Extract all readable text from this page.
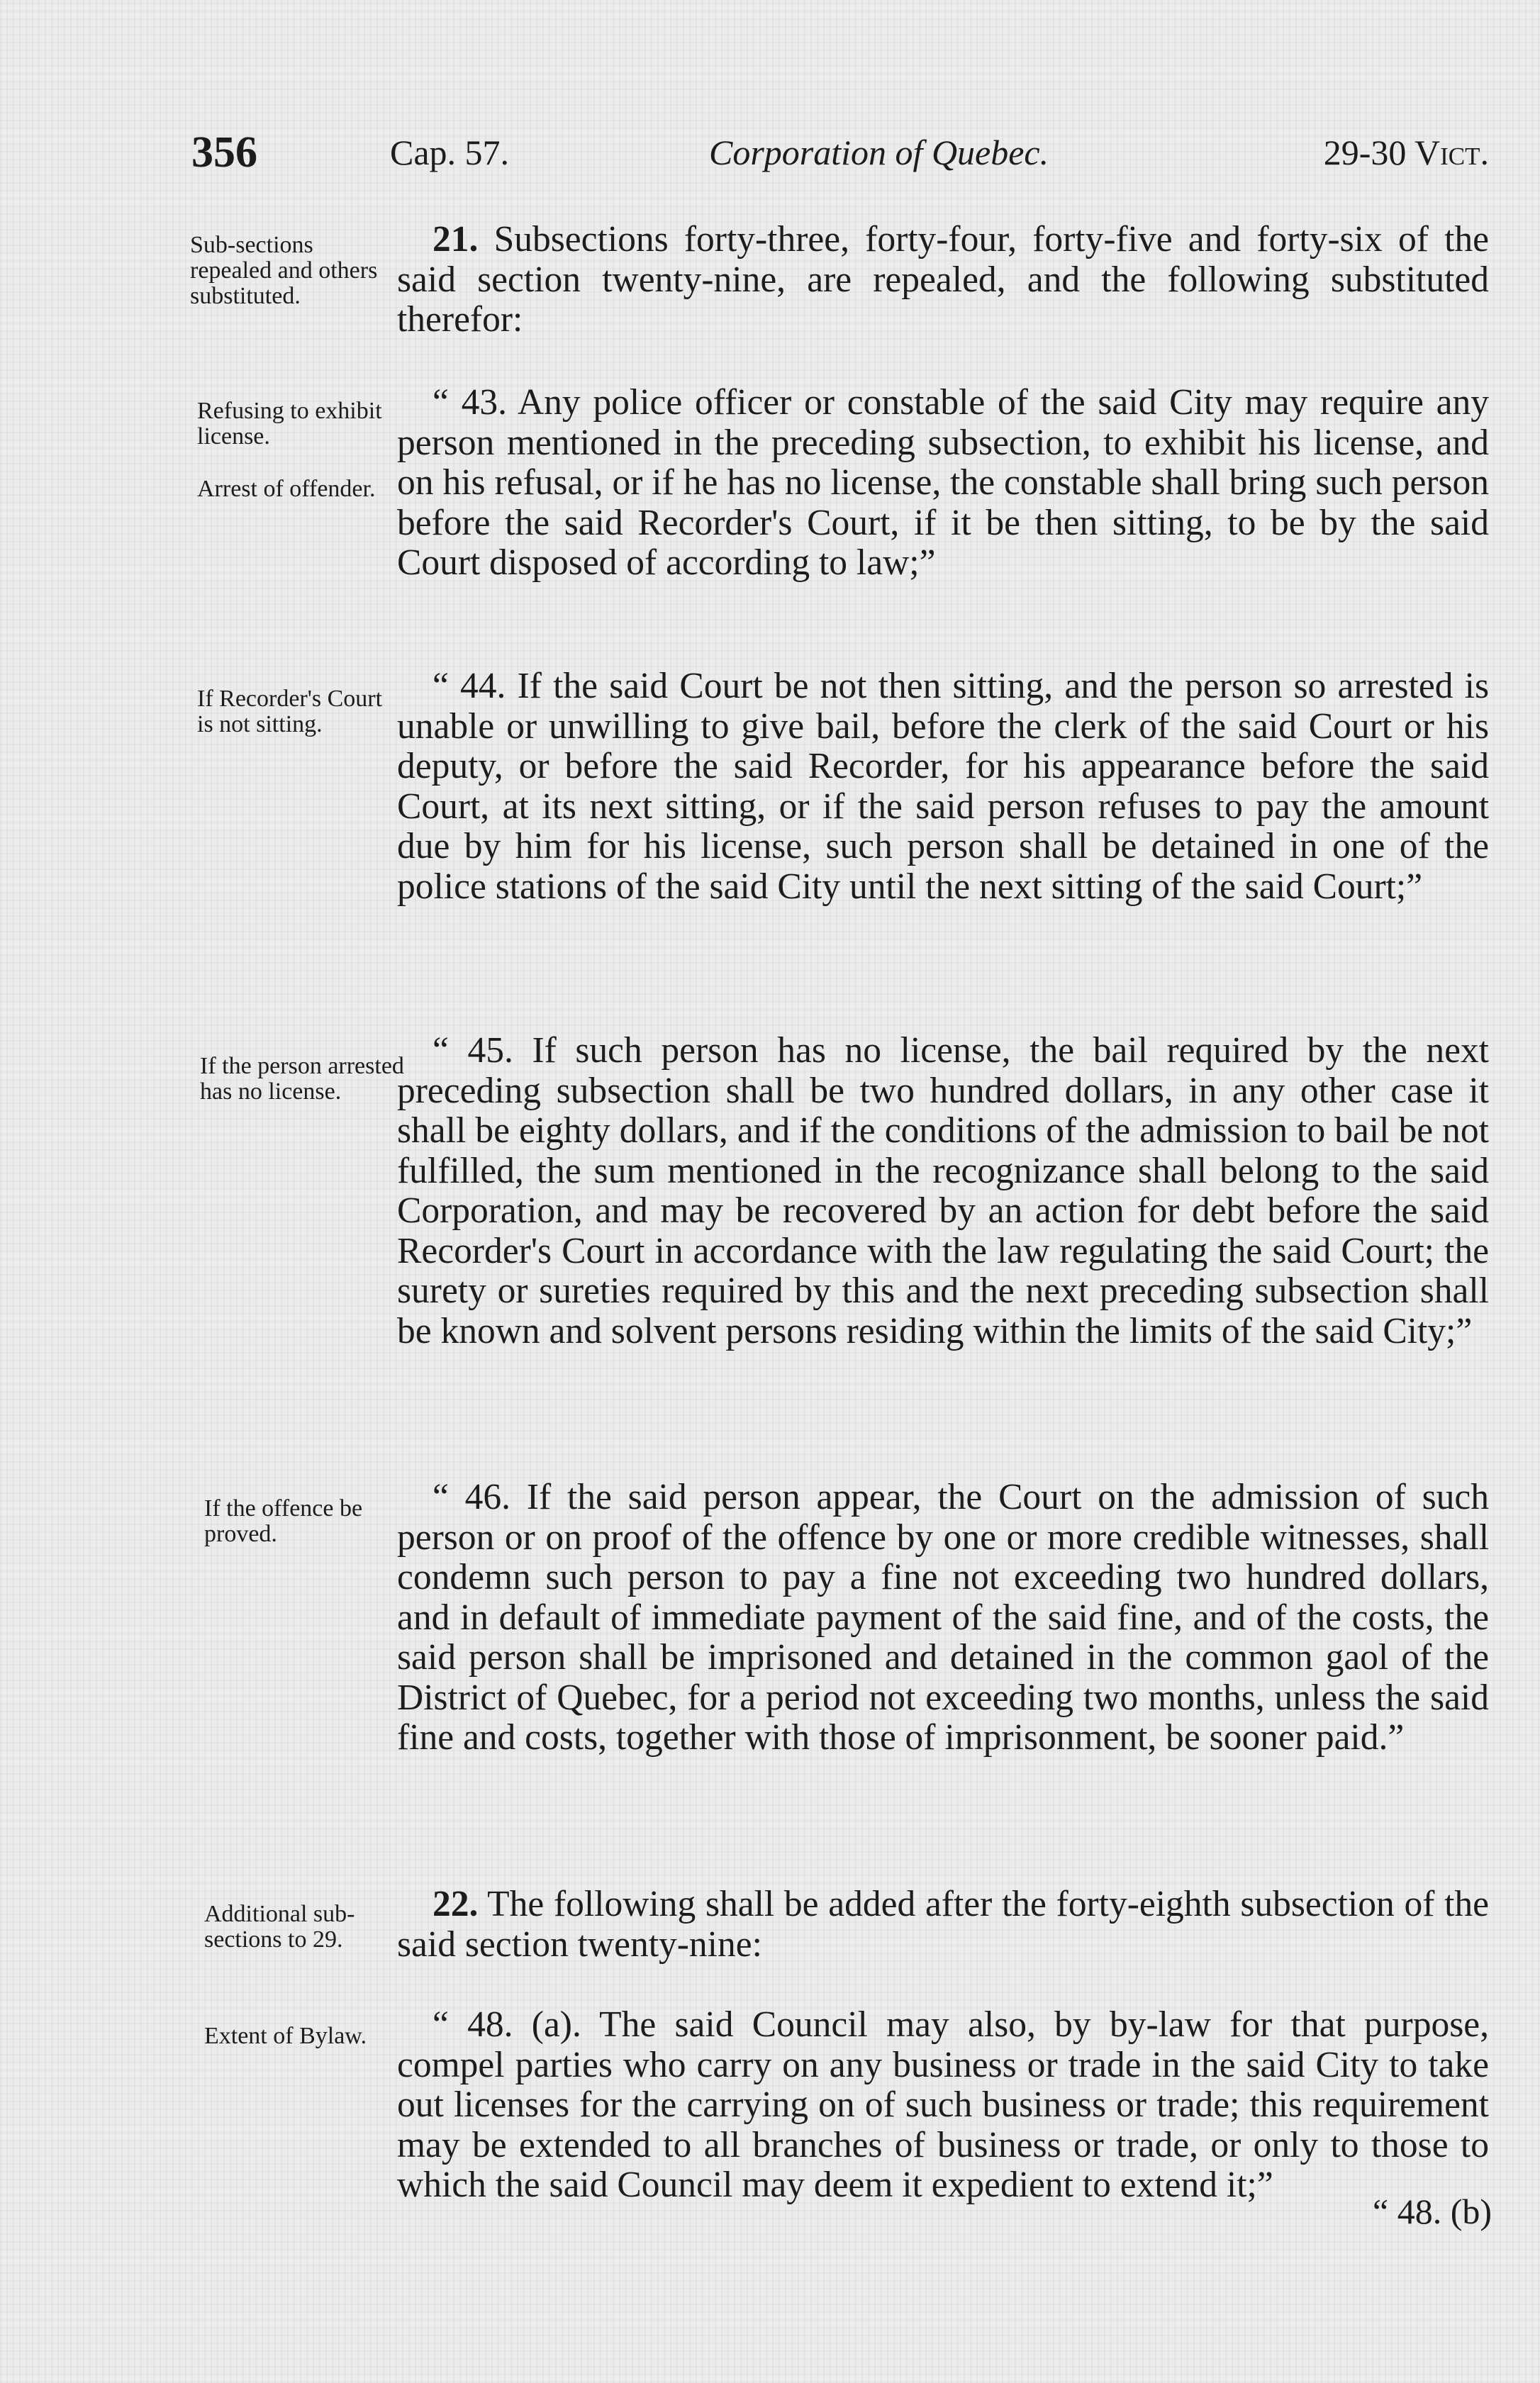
356	Cap. 57.	Corporation of Quebec.	29-30 Vict.
Sub-sections repealed and others substituted.
Refusing to exhibit license.
Arrest of offender.
If Recorder's Court is not sitting.
If the person arrested has no license.
If the offence be proved.
Additional sub-sections to 29.
Extent of Bylaw.
21. Subsections forty-three, forty-four, forty-five and forty-six of the said section twenty-nine, are repealed, and the following substituted therefor:
“ 43. Any police officer or constable of the said City may require any person mentioned in the preceding subsection, to exhibit his license, and on his refusal, or if he has no license, the constable shall bring such person before the said Recorder's Court, if it be then sitting, to be by the said Court disposed of according to law;”
“ 44. If the said Court be not then sitting, and the person so arrested is unable or unwilling to give bail, before the clerk of the said Court or his deputy, or before the said Recorder, for his appearance before the said Court, at its next sitting, or if the said person refuses to pay the amount due by him for his license, such person shall be detained in one of the police stations of the said City until the next sitting of the said Court;”
“ 45. If such person has no license, the bail required by the next preceding subsection shall be two hundred dollars, in any other case it shall be eighty dollars, and if the conditions of the admission to bail be not fulfilled, the sum mentioned in the recognizance shall belong to the said Corporation, and may be recovered by an action for debt before the said Recorder's Court in accordance with the law regulating the said Court; the surety or sureties required by this and the next preceding subsection shall be known and solvent persons residing within the limits of the said City;”
“ 46. If the said person appear, the Court on the admission of such person or on proof of the offence by one or more credible witnesses, shall condemn such person to pay a fine not exceeding two hundred dollars, and in default of immediate payment of the said fine, and of the costs, the said person shall be imprisoned and detained in the common gaol of the District of Quebec, for a period not exceeding two months, unless the said fine and costs, together with those of imprisonment, be sooner paid.”
22. The following shall be added after the forty-eighth subsection of the said section twenty-nine:
“ 48. (a). The said Council may also, by by-law for that purpose, compel parties who carry on any business or trade in the said City to take out licenses for the carrying on of such business or trade; this requirement may be extended to all branches of business or trade, or only to those to which the said Council may deem it expedient to extend it;”
“ 48. (b)
